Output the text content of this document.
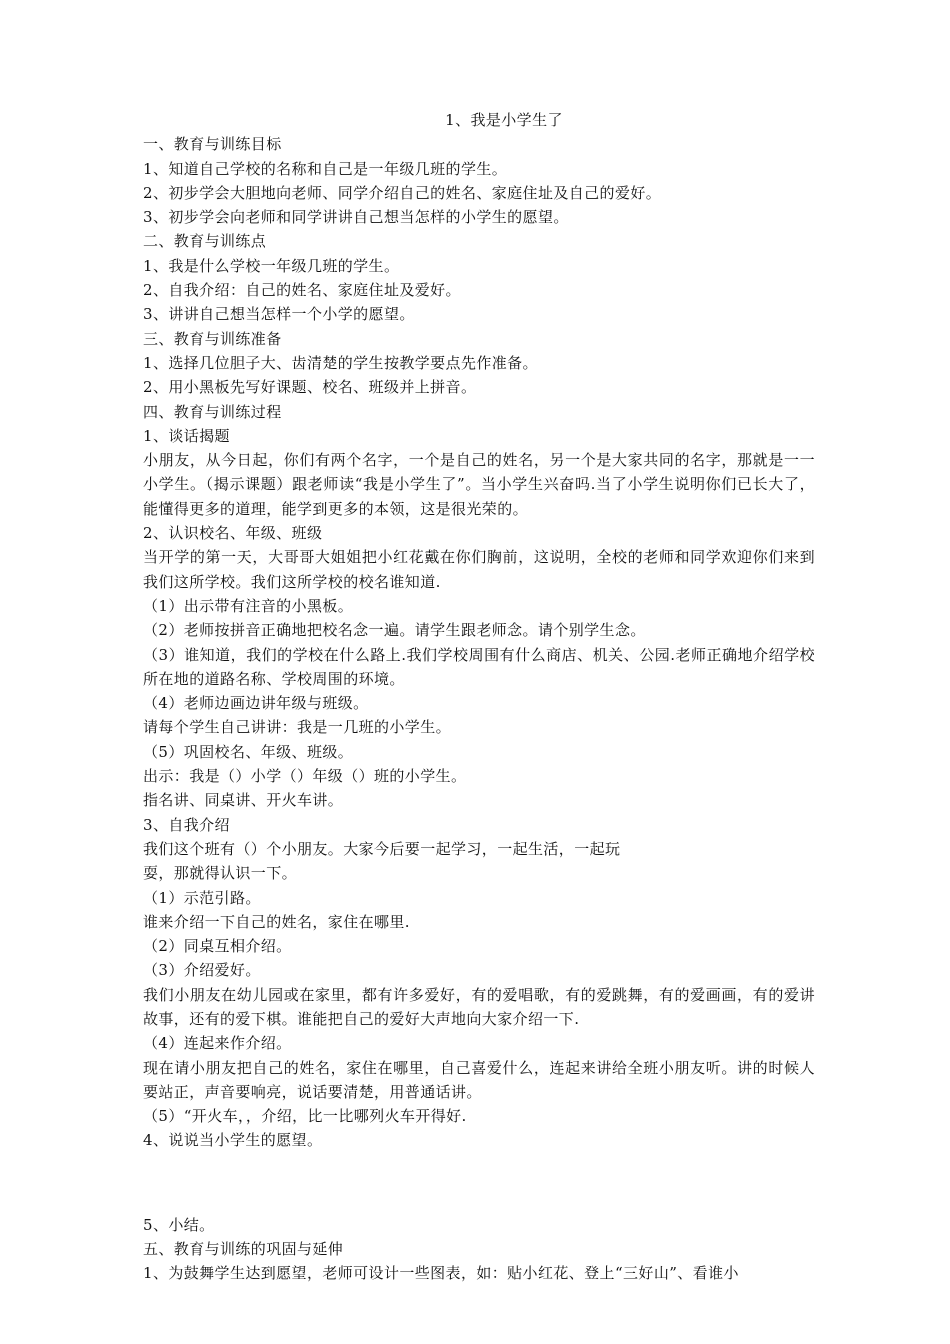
1、我是小学生了
一、教育与训练目标
1、知道自己学校的名称和自己是一年级几班的学生。
2、初步学会大胆地向老师、同学介绍自己的姓名、家庭住址及自己的爱好。
3、初步学会向老师和同学讲讲自己想当怎样的小学生的愿望。
二、教育与训练点
1、我是什么学校一年级几班的学生。
2、自我介绍：自己的姓名、家庭住址及爱好。
3、讲讲自己想当怎样一个小学的愿望。
三、教育与训练准备
1、选择几位胆子大、齿清楚的学生按教学要点先作准备。
2、用小黑板先写好课题、校名、班级并上拼音。
四、教育与训练过程
1、谈话揭题
小朋友，从今日起，你们有两个名字，一个是自己的姓名，另一个是大家共同的名字，那就是一一小学生。（揭示课题）跟老师读“我是小学生了”。当小学生兴奋吗.当了小学生说明你们已长大了，能懂得更多的道理，能学到更多的本领，这是很光荣的。
2、认识校名、年级、班级
当开学的第一天，大哥哥大姐姐把小红花戴在你们胸前，这说明，全校的老师和同学欢迎你们来到我们这所学校。我们这所学校的校名谁知道.
（1）出示带有注音的小黑板。
（2）老师按拼音正确地把校名念一遍。请学生跟老师念。请个别学生念。
（3）谁知道，我们的学校在什么路上.我们学校周围有什么商店、机关、公园.老师正确地介绍学校所在地的道路名称、学校周围的环境。
（4）老师边画边讲年级与班级。
请每个学生自己讲讲：我是一几班的小学生。
（5）巩固校名、年级、班级。
出示：我是（）小学（）年级（）班的小学生。
指名讲、同桌讲、开火车讲。
3、自我介绍
我们这个班有（）个小朋友。大家今后要一起学习，一起生活，一起玩
耍，那就得认识一下。
（1）示范引路。
谁来介绍一下自己的姓名，家住在哪里.
（2）同桌互相介绍。
（3）介绍爱好。
我们小朋友在幼儿园或在家里，都有许多爱好，有的爱唱歌，有的爱跳舞，有的爱画画，有的爱讲故事，还有的爱下棋。谁能把自己的爱好大声地向大家介绍一下.
（4）连起来作介绍。
现在请小朋友把自己的姓名，家住在哪里，自己喜爱什么，连起来讲给全班小朋友听。讲的时候人要站正，声音要响亮，说话要清楚，用普通话讲。
（5）“开火车，，介绍，比一比哪列火车开得好.
4、说说当小学生的愿望。
5、小结。
五、教育与训练的巩固与延伸
1、为鼓舞学生达到愿望，老师可设计一些图表，如：贴小红花、登上“三好山”、看谁小
